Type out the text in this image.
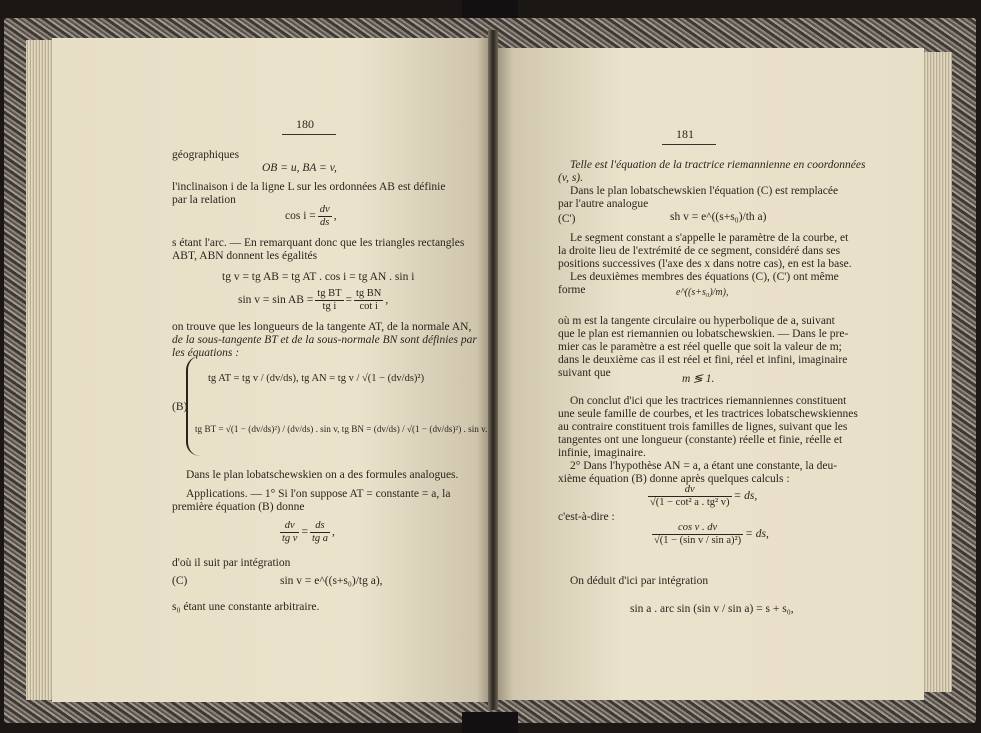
180
géographiques
OB = u, BA = v,
l'inclinaison i de la ligne L sur les ordonnées AB est définie
par la relation
$\cos i = \frac{dv}{ds}$ ,
s étant l'arc. — En remarquant donc que les triangles rectangles
ABT, ABN donnent les égalités
tg v = tg AB = tg AT . cos i = tg AN . sin i
sin v = sin AB = $\frac{\text{tg BT}}{\text{tg i}} = \frac{\text{tg BN}}{\text{cot i}}$ ,
on trouve que les longueurs de la tangente AT, de la normale AN,
de la sous-tangente BT et de la sous-normale BN sont définies par
les équations :
(B)
tg AT = tg v / (dv/ds), tg AN = tg v / √(1 − (dv/ds)²)
tg BT = √(1 − (dv/ds)²) / (dv/ds) . sin v, tg BN = (dv/ds) / √(1 − (dv/ds)²) . sin v.
Dans le plan lobatschewskien on a des formules analogues.
Applications. — 1° Si l'on suppose AT = constante = a, la
première équation (B) donne
$\frac{dv}{\text{tg v}} = \frac{ds}{\text{tg a}}$ ,
d'où il suit par intégration
(C)	sin v = e^((s+s₀)/tg a),
s₀ étant une constante arbitraire.
181
Telle est l'équation de la tractrice riemannienne en coordonnées
(v, s).
Dans le plan lobatschewskien l'équation (C) est remplacée
par l'autre analogue
(C')	sh v = e^((s+s₀)/th a)
Le segment constant a s'appelle le paramètre de la courbe, et
la droite lieu de l'extrémité de ce segment, considéré dans ses
positions successives (l'axe des x dans notre cas), en est la base.
Les deuxièmes membres des équations (C), (C') ont même
forme	e^((s+s₀)/m),
où m est la tangente circulaire ou hyperbolique de a, suivant
que le plan est riemannien ou lobatschewskien. — Dans le pre-
mier cas le paramètre a est réel quelle que soit la valeur de m;
dans le deuxième cas il est réel et fini, réel et infini, imaginaire
suivant que	m ≶ 1.
On conclut d'ici que les tractrices riemanniennes constituent
une seule famille de courbes, et les tractrices lobatschewskiennes
au contraire constituent trois familles de lignes, suivant que les
tangentes ont une longueur (constante) réelle et finie, réelle et
infinie, imaginaire.
2° Dans l'hypothèse AN = a, a étant une constante, la deu-
xième équation (B) donne après quelques calculs :
$\frac{dv}{\text{√(1 − cot² a . tg² v)}}$ = ds,
c'est-à-dire :
$\frac{\text{cos v . dv}}{\text{√(1 − (sin v / sin a)²)}}$ = ds,
On déduit d'ici par intégration
sin a . arc sin (sin v / sin a) = s + s₀,
